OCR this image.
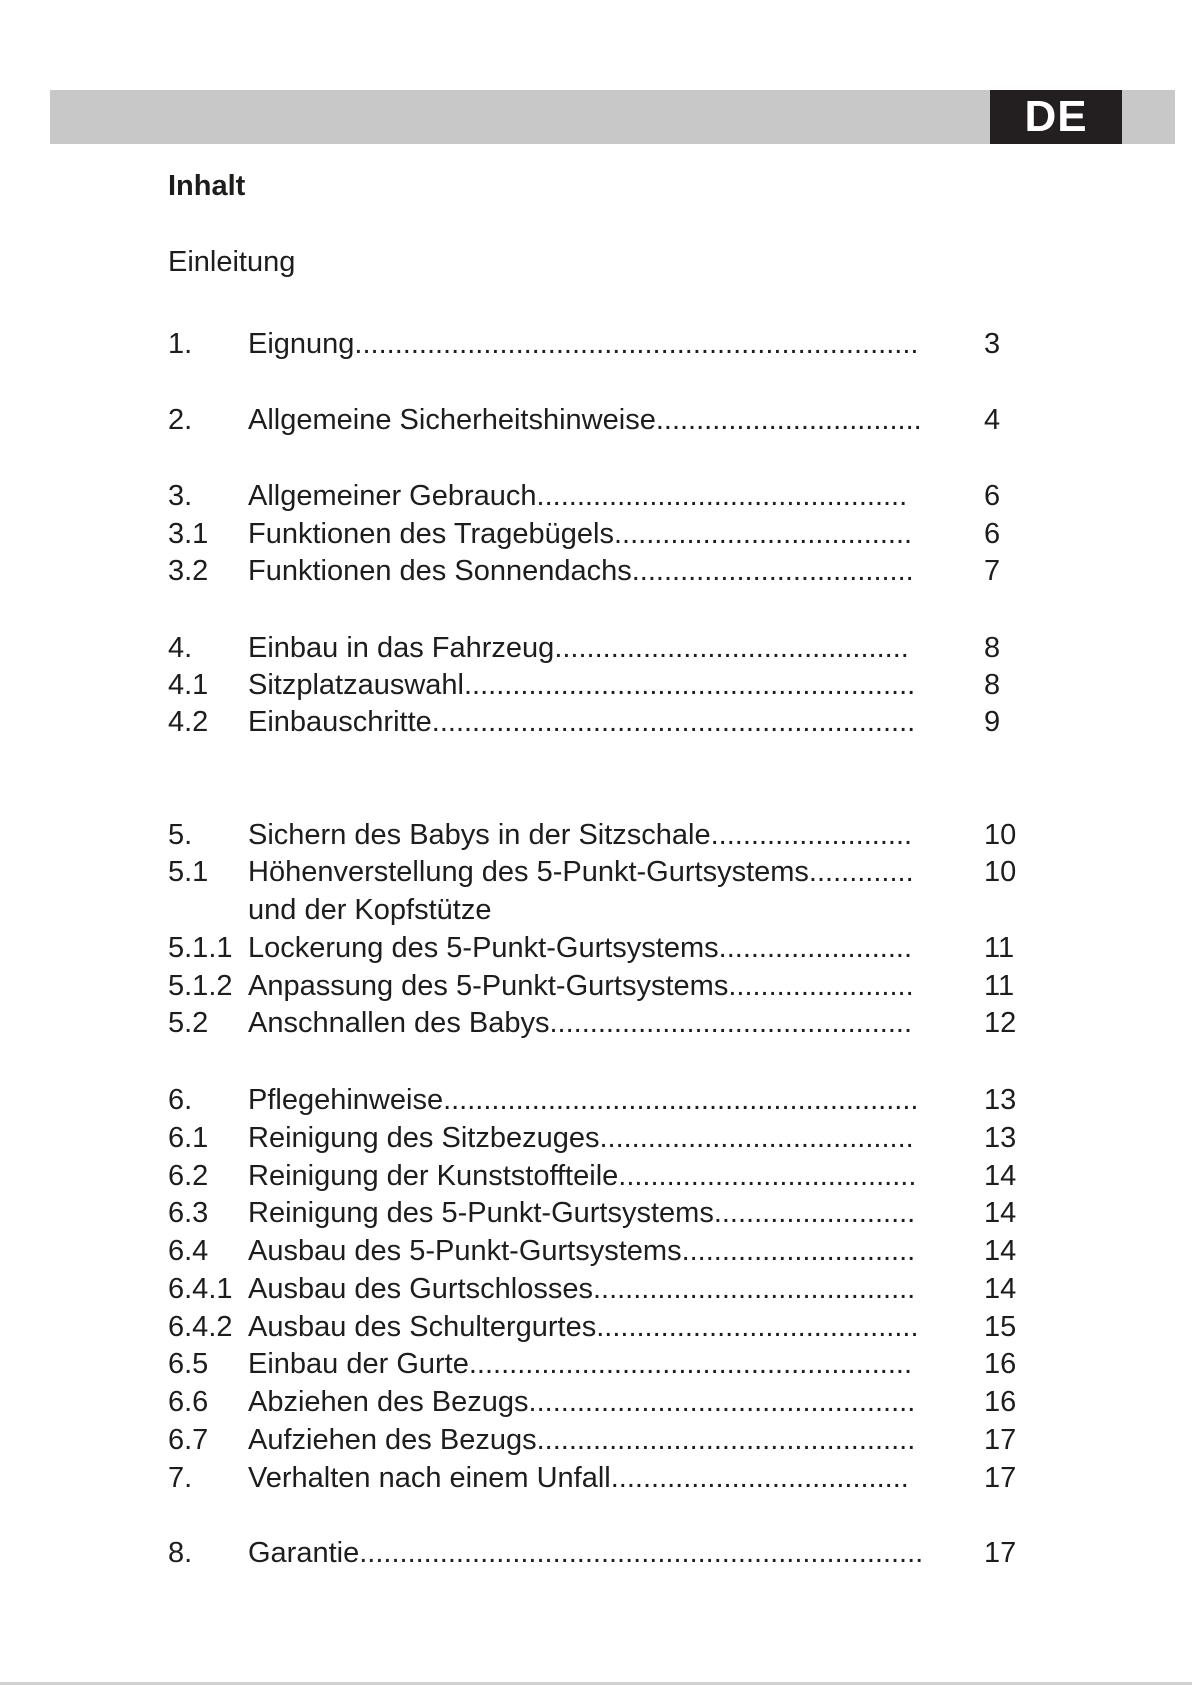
DE
Inhalt
Einleitung
1. Eignung......................................................................	3
2. Allgemeine Sicherheitshinweise.................................	4
3. Allgemeiner Gebrauch..............................................	6
3.1 Funktionen des Tragebügels.....................................	6
3.2 Funktionen des Sonnendachs...................................	7
4. Einbau in das Fahrzeug............................................	8
4.1 Sitzplatzauswahl........................................................	8
4.2 Einbauschritte............................................................	9
5. Sichern des Babys in der Sitzschale.........................	10
5.1 Höhenverstellung des 5-Punkt-Gurtsystems.............	10
und der Kopfstütze
5.1.1 Lockerung des 5-Punkt-Gurtsystems........................	11
5.1.2 Anpassung des 5-Punkt-Gurtsystems.......................	11
5.2 Anschnallen des Babys.............................................	12
6. Pflegehinweise...........................................................	13
6.1 Reinigung des Sitzbezuges.......................................	13
6.2 Reinigung der Kunststoffteile.....................................	14
6.3 Reinigung des 5-Punkt-Gurtsystems.........................	14
6.4 Ausbau des 5-Punkt-Gurtsystems.............................	14
6.4.1 Ausbau des Gurtschlosses........................................	14
6.4.2 Ausbau des Schultergurtes........................................	15
6.5 Einbau der Gurte.......................................................	16
6.6 Abziehen des Bezugs................................................	16
6.7 Aufziehen des Bezugs...............................................	17
7. Verhalten nach einem Unfall.....................................	17
8. Garantie......................................................................	17
